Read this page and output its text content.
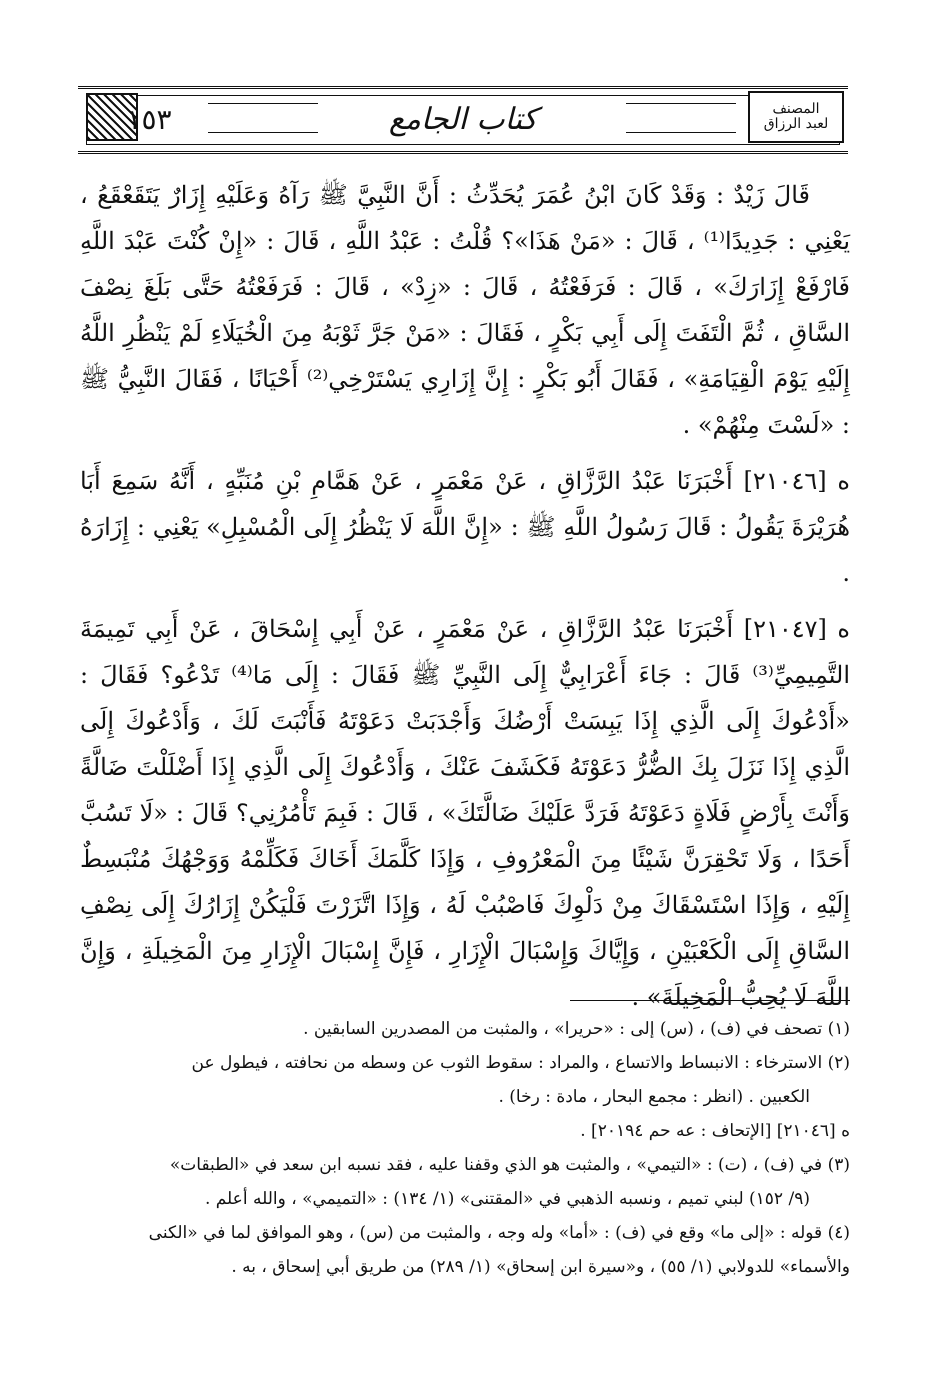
١٥٣	كتاب الجامع	المصنف
لعبد الرزاق

قَالَ زَيْدٌ : وَقَدْ كَانَ ابْنُ عُمَرَ يُحَدِّثُ : أَنَّ النَّبِيَّ ﷺ رَآهُ وَعَلَيْهِ إِزَارٌ يَتَقَعْقَعُ ، يَعْنِي : جَدِيدًا⁽¹⁾ ، قَالَ : «مَنْ هَذَا»؟ قُلْتُ : عَبْدُ اللَّهِ ، قَالَ : «إِنْ كُنْتَ عَبْدَ اللَّهِ فَارْفَعْ إِزَارَكَ» ، قَالَ : فَرَفَعْتُهُ ، قَالَ : «زِدْ» ، قَالَ : فَرَفَعْتُهُ حَتَّى بَلَغَ نِصْفَ السَّاقِ ، ثُمَّ الْتَفَتَ إِلَى أَبِي بَكْرٍ ، فَقَالَ : «مَنْ جَرَّ ثَوْبَهُ مِنَ الْخُيَلَاءِ لَمْ يَنْظُرِ اللَّهُ إِلَيْهِ يَوْمَ الْقِيَامَةِ» ، فَقَالَ أَبُو بَكْرٍ : إِنَّ إِزَارِي يَسْتَرْخِي⁽²⁾ أَحْيَانًا ، فَقَالَ النَّبِيُّ ﷺ : «لَسْتَ مِنْهُمْ» .

ه [٢١٠٤٦] أَخْبَرَنَا عَبْدُ الرَّزَّاقِ ، عَنْ مَعْمَرٍ ، عَنْ هَمَّامِ بْنِ مُنَبِّهٍ ، أَنَّهُ سَمِعَ أَبَا هُرَيْرَةَ يَقُولُ : قَالَ رَسُولُ اللَّهِ ﷺ : «إِنَّ اللَّهَ لَا يَنْظُرُ إِلَى الْمُسْبِلِ» يَعْنِي : إِزَارَهُ .

ه [٢١٠٤٧] أَخْبَرَنَا عَبْدُ الرَّزَّاقِ ، عَنْ مَعْمَرٍ ، عَنْ أَبِي إِسْحَاقَ ، عَنْ أَبِي تَمِيمَةَ التَّمِيمِيِّ⁽³⁾ قَالَ : جَاءَ أَعْرَابِيٌّ إِلَى النَّبِيِّ ﷺ فَقَالَ : إِلَى مَا⁽⁴⁾ تَدْعُو؟ فَقَالَ : «أَدْعُوكَ إِلَى الَّذِي إِذَا يَبِسَتْ أَرْضُكَ وَأَجْدَبَتْ دَعَوْتَهُ فَأَنْبَتَ لَكَ ، وَأَدْعُوكَ إِلَى الَّذِي إِذَا نَزَلَ بِكَ الضُّرُّ دَعَوْتَهُ فَكَشَفَ عَنْكَ ، وَأَدْعُوكَ إِلَى الَّذِي إِذَا أَضْلَلْتَ ضَالَّةً وَأَنْتَ بِأَرْضٍ فَلَاةٍ دَعَوْتَهُ فَرَدَّ عَلَيْكَ ضَالَّتَكَ» ، قَالَ : فَبِمَ تَأْمُرُنِي؟ قَالَ : «لَا تَسُبَّ أَحَدًا ، وَلَا تَحْقِرَنَّ شَيْئًا مِنَ الْمَعْرُوفِ ، وَإِذَا كَلَّمَكَ أَخَاكَ فَكَلِّمْهُ وَوَجْهُكَ مُنْبَسِطٌ إِلَيْهِ ، وَإِذَا اسْتَسْقَاكَ مِنْ دَلْوِكَ فَاصْبُبْ لَهُ ، وَإِذَا اتَّزَرْتَ فَلْيَكُنْ إِزَارُكَ إِلَى نِصْفِ السَّاقِ إِلَى الْكَعْبَيْنِ ، وَإِيَّاكَ وَإِسْبَالَ الْإِزَارِ ، فَإِنَّ إِسْبَالَ الْإِزَارِ مِنَ الْمَخِيلَةِ ، وَإِنَّ اللَّهَ لَا يُحِبُّ الْمَخِيلَةَ» .

(١) تصحف في (ف) ، (س) إلى : «حريرا» ، والمثبت من المصدرين السابقين .

(٢) الاسترخاء : الانبساط والاتساع ، والمراد : سقوط الثوب عن وسطه من نحافته ، فيطول عن

الكعبين . (انظر : مجمع البحار ، مادة : رخا) .

ه [٢١٠٤٦] [الإتحاف : عه حم ٢٠١٩٤] .

(٣) في (ف) ، (ت) : «التيمي» ، والمثبت هو الذي وقفنا عليه ، فقد نسبه ابن سعد في «الطبقات»

(٩/ ١٥٢) لبني تميم ، ونسبه الذهبي في «المقتنى» (١/ ١٣٤) : «التميمي» ، والله أعلم .

(٤) قوله : «إلى ما» وقع في (ف) : «أما» وله وجه ، والمثبت من (س) ، وهو الموافق لما في «الكنى

والأسماء» للدولابي (١/ ٥٥) ، و«سيرة ابن إسحاق» (١/ ٢٨٩) من طريق أبي إسحاق ، به .
